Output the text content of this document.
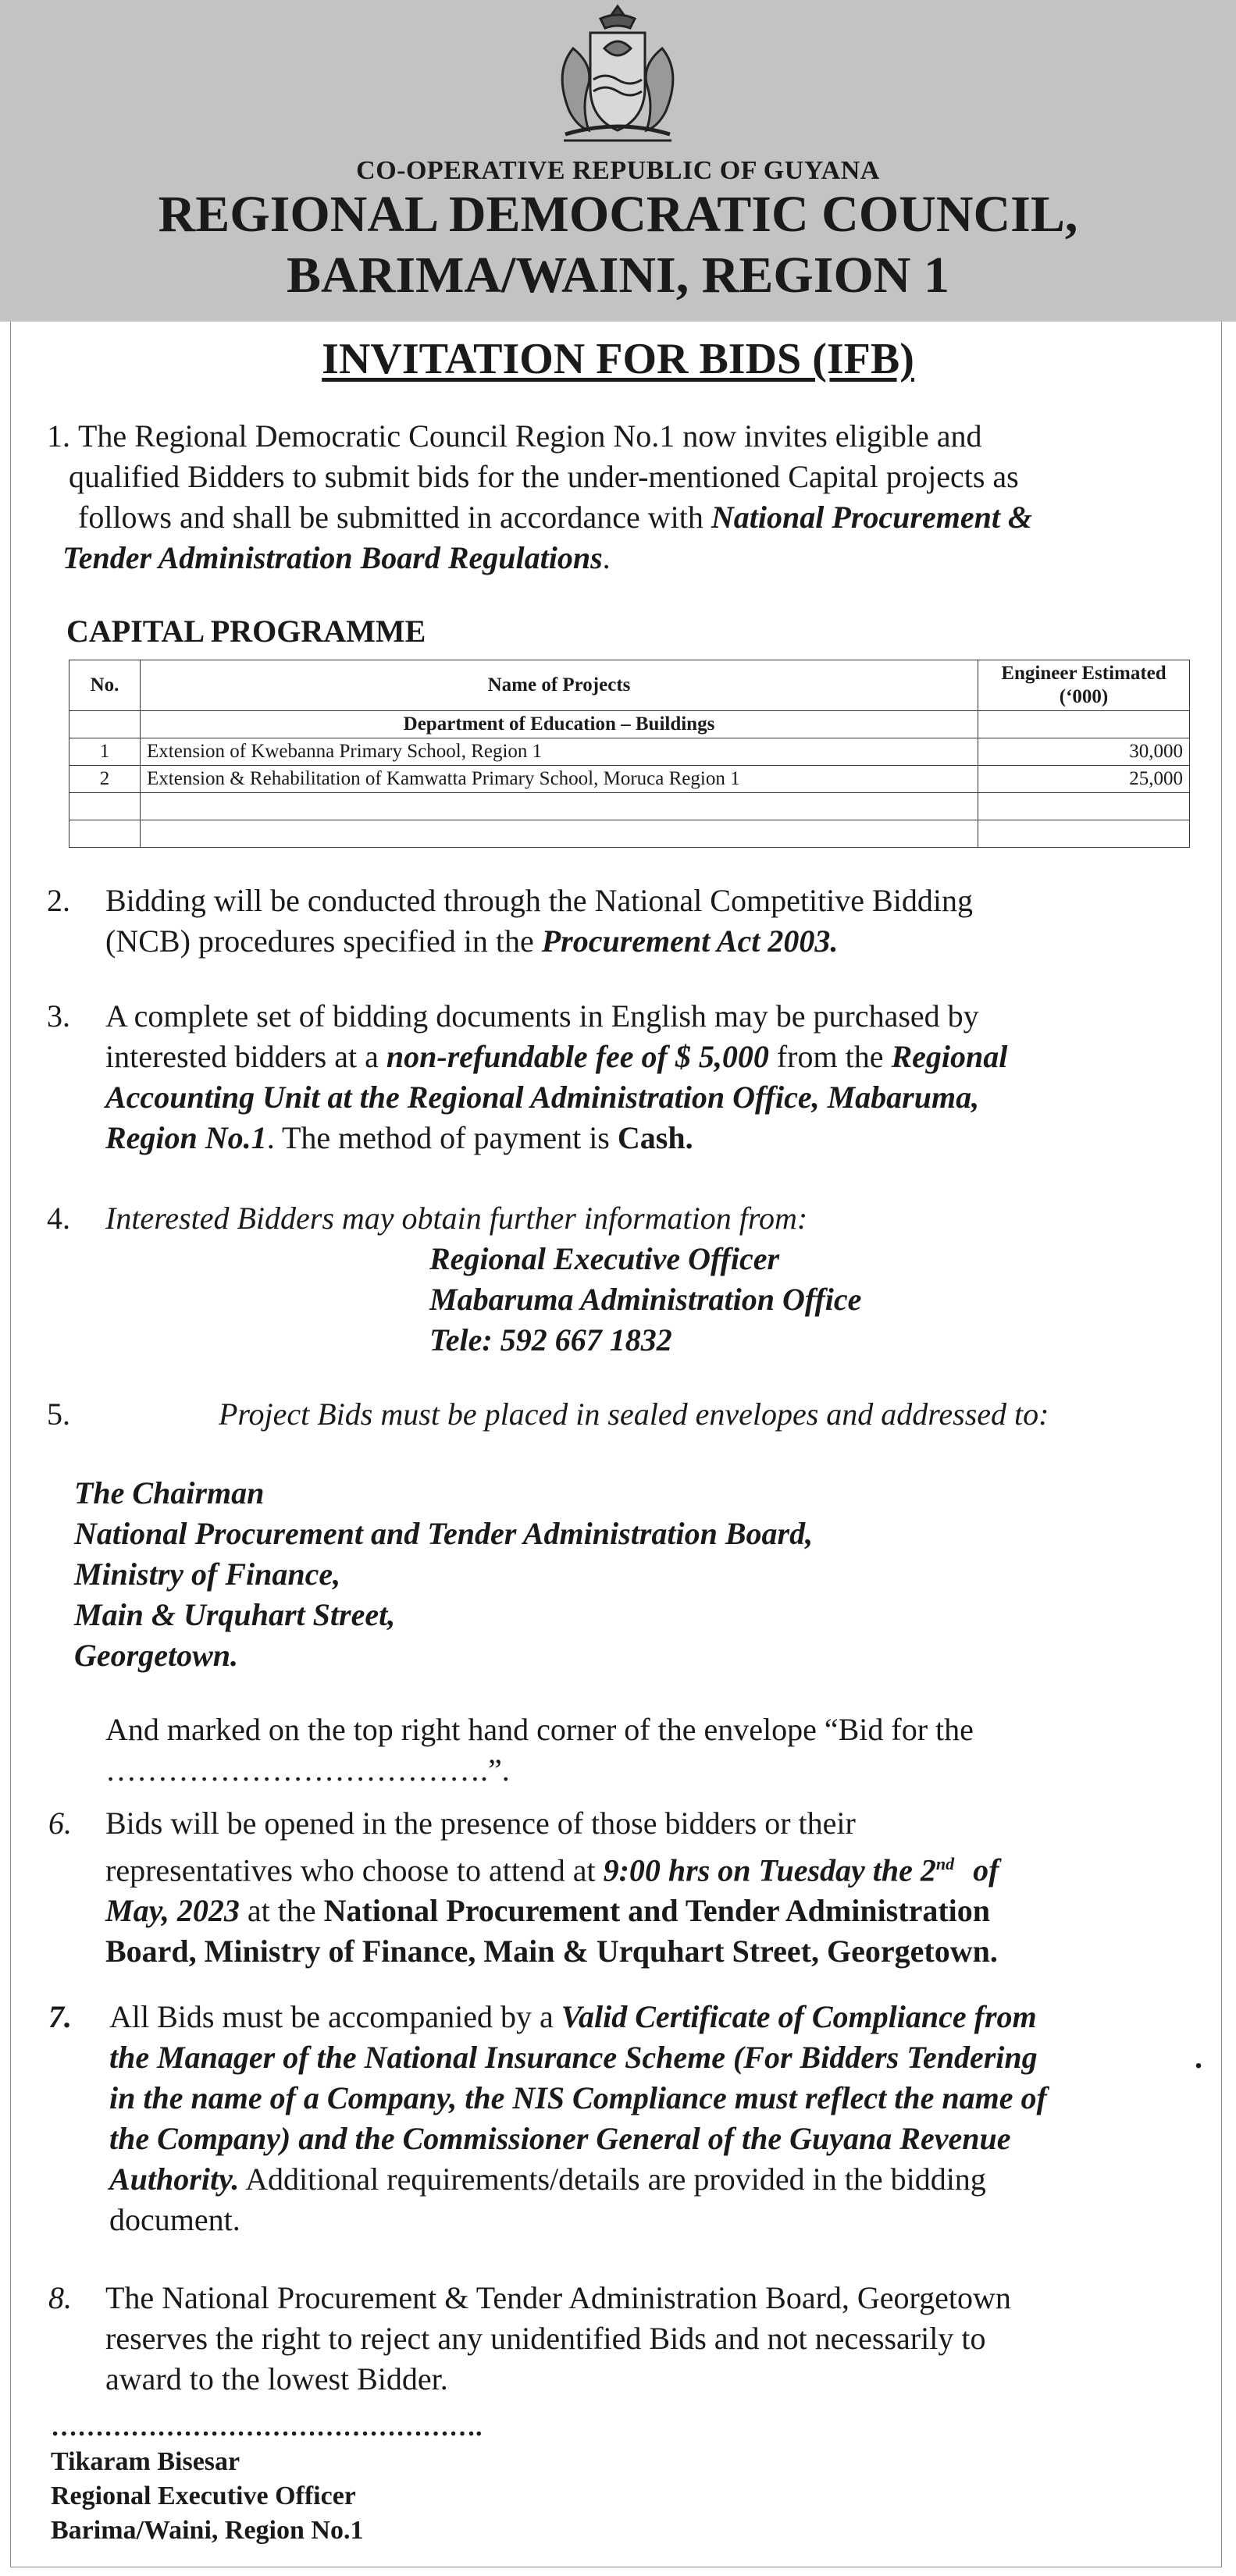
CO-OPERATIVE REPUBLIC OF GUYANA
REGIONAL DEMOCRATIC COUNCIL,
BARIMA/WAINI, REGION 1
INVITATION FOR BIDS (IFB)
1. The Regional Democratic Council Region No.1 now invites eligible and
qualified Bidders to submit bids for the under-mentioned Capital projects as
follows and shall be submitted in accordance with National Procurement &
Tender Administration Board Regulations.
CAPITAL PROGRAMME
No.	Name of Projects	Engineer Estimated (‘000)
	Department of Education – Buildings	
1	Extension of Kwebanna Primary School, Region 1	30,000
2	Extension & Rehabilitation of Kamwatta Primary School, Moruca Region 1	25,000

2. Bidding will be conducted through the National Competitive Bidding
(NCB) procedures specified in the Procurement Act 2003.
3. A complete set of bidding documents in English may be purchased by
interested bidders at a non-refundable fee of $ 5,000 from the Regional
Accounting Unit at the Regional Administration Office, Mabaruma,
Region No.1. The method of payment is Cash.
4. Interested Bidders may obtain further information from:
Regional Executive Officer
Mabaruma Administration Office
Tele: 592 667 1832
5.	Project Bids must be placed in sealed envelopes and addressed to:
The Chairman
National Procurement and Tender Administration Board,
Ministry of Finance,
Main & Urquhart Street,
Georgetown.
And marked on the top right hand corner of the envelope “Bid for the
……………………………….”.
6. Bids will be opened in the presence of those bidders or their
representatives who choose to attend at 9:00 hrs on Tuesday the 2nd of
May, 2023 at the National Procurement and Tender Administration
Board, Ministry of Finance, Main & Urquhart Street, Georgetown.
7. All Bids must be accompanied by a Valid Certificate of Compliance from
the Manager of the National Insurance Scheme (For Bidders Tendering	.
in the name of a Company, the NIS Compliance must reflect the name of
the Company) and the Commissioner General of the Guyana Revenue
Authority. Additional requirements/details are provided in the bidding
document.
8. The National Procurement & Tender Administration Board, Georgetown
reserves the right to reject any unidentified Bids and not necessarily to
award to the lowest Bidder.
………………………………………….
Tikaram Bisesar
Regional Executive Officer
Barima/Waini, Region No.1
